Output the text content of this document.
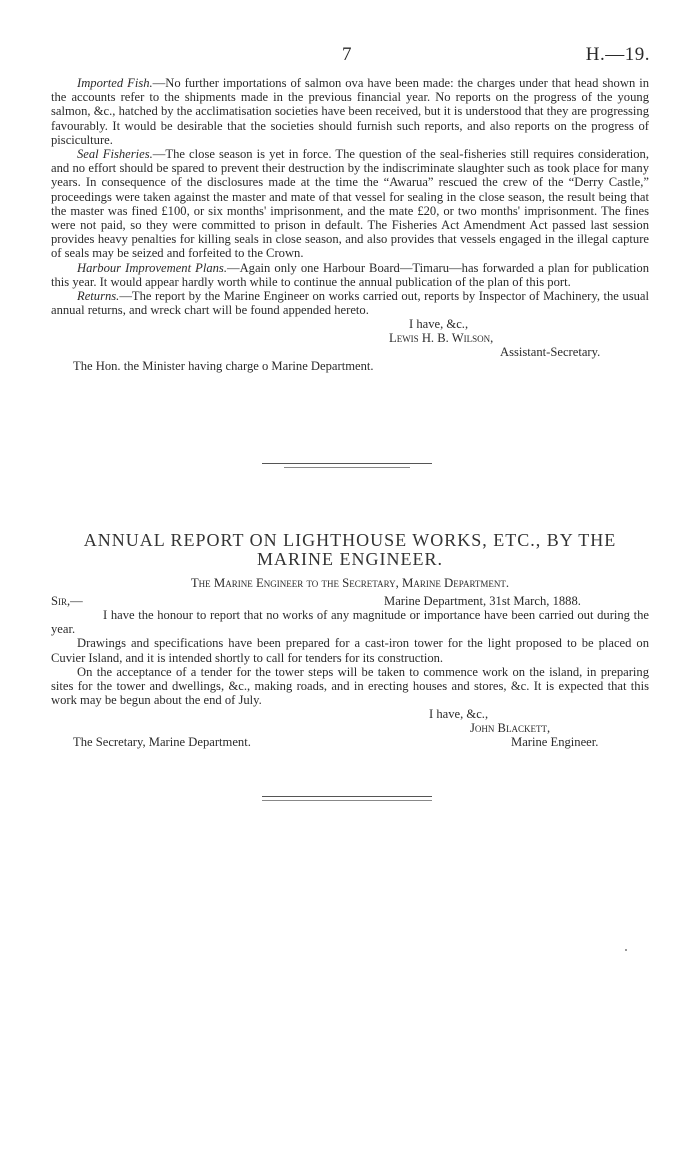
7	H.—19.

Imported Fish.—No further importations of salmon ova have been made: the charges under that head shown in the accounts refer to the shipments made in the previous financial year. No reports on the progress of the young salmon, &c., hatched by the acclimatisation societies have been received, but it is understood that they are progressing favourably. It would be desirable that the societies should furnish such reports, and also reports on the progress of pisciculture.

Seal Fisheries.—The close season is yet in force. The question of the seal-fisheries still requires consideration, and no effort should be spared to prevent their destruction by the indiscriminate slaughter such as took place for many years. In consequence of the disclosures made at the time the “Awarua” rescued the crew of the “Derry Castle,” proceedings were taken against the master and mate of that vessel for sealing in the close season, the result being that the master was fined £100, or six months' imprisonment, and the mate £20, or two months' imprisonment. The fines were not paid, so they were committed to prison in default. The Fisheries Act Amendment Act passed last session provides heavy penalties for killing seals in close season, and also provides that vessels engaged in the illegal capture of seals may be seized and forfeited to the Crown.

Harbour Improvement Plans.—Again only one Harbour Board—Timaru—has forwarded a plan for publication this year. It would appear hardly worth while to continue the annual publication of the plan of this port.

Returns.—The report by the Marine Engineer on works carried out, reports by Inspector of Machinery, the usual annual returns, and wreck chart will be found appended hereto.

I have, &c.,
Lewis H. B. Wilson,
Assistant-Secretary.
The Hon. the Minister having charge o Marine Department.
ANNUAL REPORT ON LIGHTHOUSE WORKS, ETC., BY THE
MARINE ENGINEER.
The Marine Engineer to the Secretary, Marine Department.
Sir,—	Marine Department, 31st March, 1888.

I have the honour to report that no works of any magnitude or importance have been carried out during the year.

Drawings and specifications have been prepared for a cast-iron tower for the light proposed to be placed on Cuvier Island, and it is intended shortly to call for tenders for its construction.

On the acceptance of a tender for the tower steps will be taken to commence work on the island, in preparing sites for the tower and dwellings, &c., making roads, and in erecting houses and stores, &c. It is expected that this work may be begun about the end of July.

I have, &c.,
John Blackett,
The Secretary, Marine Department.	Marine Engineer.
